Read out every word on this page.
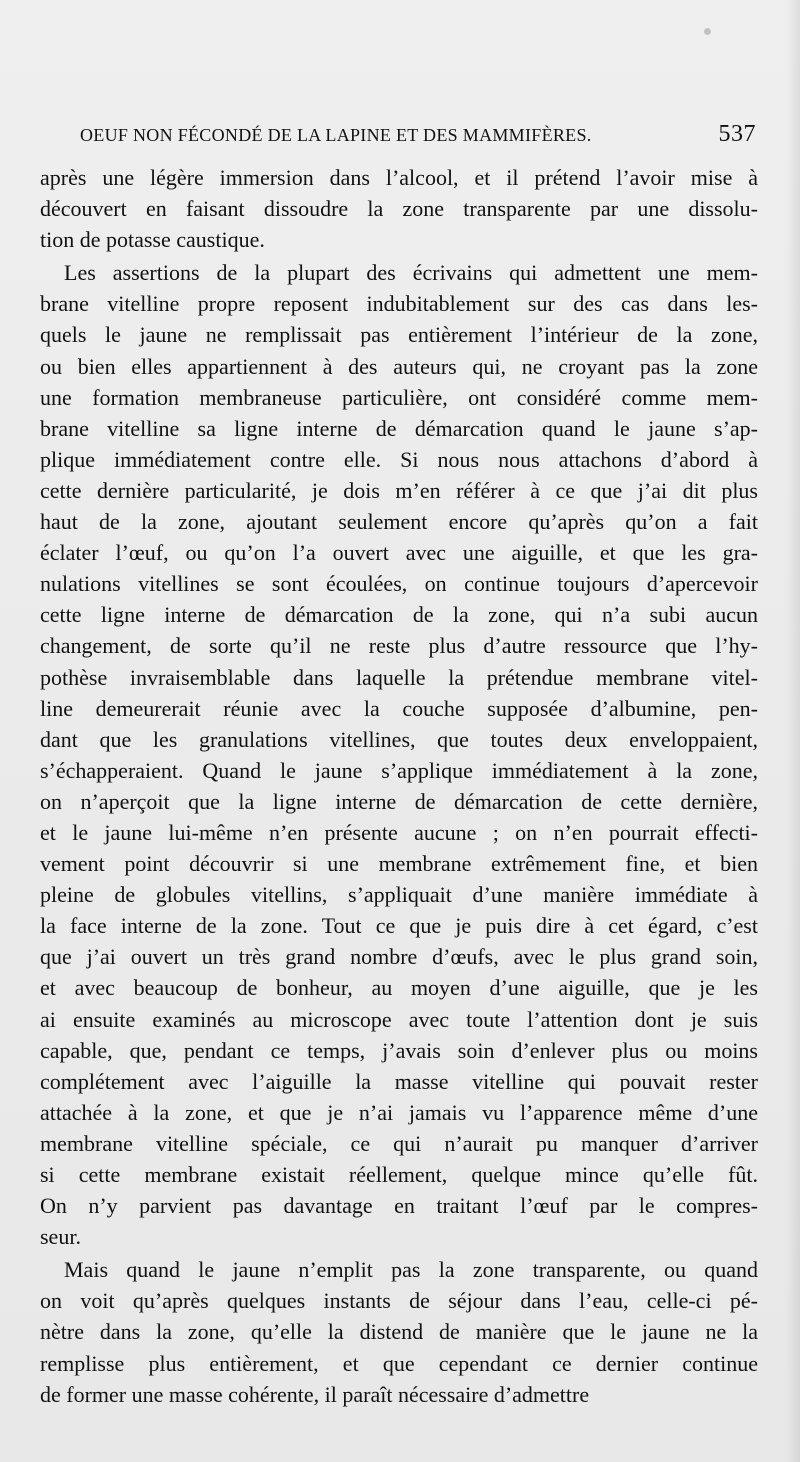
OEUF NON FÉCONDÉ DE LA LAPINE ET DES MAMMIFÈRES.	537
après une légère immersion dans l’alcool, et il prétend l’avoir mise à
découvert en faisant dissoudre la zone transparente par une dissolu-
tion de potasse caustique.
Les assertions de la plupart des écrivains qui admettent une mem-
brane vitelline propre reposent indubitablement sur des cas dans les-
quels le jaune ne remplissait pas entièrement l’intérieur de la zone,
ou bien elles appartiennent à des auteurs qui, ne croyant pas la zone
une formation membraneuse particulière, ont considéré comme mem-
brane vitelline sa ligne interne de démarcation quand le jaune s’ap-
plique immédiatement contre elle. Si nous nous attachons d’abord à
cette dernière particularité, je dois m’en référer à ce que j’ai dit plus
haut de la zone, ajoutant seulement encore qu’après qu’on a fait
éclater l’œuf, ou qu’on l’a ouvert avec une aiguille, et que les gra-
nulations vitellines se sont écoulées, on continue toujours d’apercevoir
cette ligne interne de démarcation de la zone, qui n’a subi aucun
changement, de sorte qu’il ne reste plus d’autre ressource que l’hy-
pothèse invraisemblable dans laquelle la prétendue membrane vitel-
line demeurerait réunie avec la couche supposée d’albumine, pen-
dant que les granulations vitellines, que toutes deux enveloppaient,
s’échapperaient. Quand le jaune s’applique immédiatement à la zone,
on n’aperçoit que la ligne interne de démarcation de cette dernière,
et le jaune lui-même n’en présente aucune ; on n’en pourrait effecti-
vement point découvrir si une membrane extrêmement fine, et bien
pleine de globules vitellins, s’appliquait d’une manière immédiate à
la face interne de la zone. Tout ce que je puis dire à cet égard, c’est
que j’ai ouvert un très grand nombre d’œufs, avec le plus grand soin,
et avec beaucoup de bonheur, au moyen d’une aiguille, que je les
ai ensuite examinés au microscope avec toute l’attention dont je suis
capable, que, pendant ce temps, j’avais soin d’enlever plus ou moins
complétement avec l’aiguille la masse vitelline qui pouvait rester
attachée à la zone, et que je n’ai jamais vu l’apparence même d’une
membrane vitelline spéciale, ce qui n’aurait pu manquer d’arriver
si cette membrane existait réellement, quelque mince qu’elle fût.
On n’y parvient pas davantage en traitant l’œuf par le compres-
seur.
Mais quand le jaune n’emplit pas la zone transparente, ou quand
on voit qu’après quelques instants de séjour dans l’eau, celle-ci pé-
nètre dans la zone, qu’elle la distend de manière que le jaune ne la
remplisse plus entièrement, et que cependant ce dernier continue
de former une masse cohérente, il paraît nécessaire d’admettre
